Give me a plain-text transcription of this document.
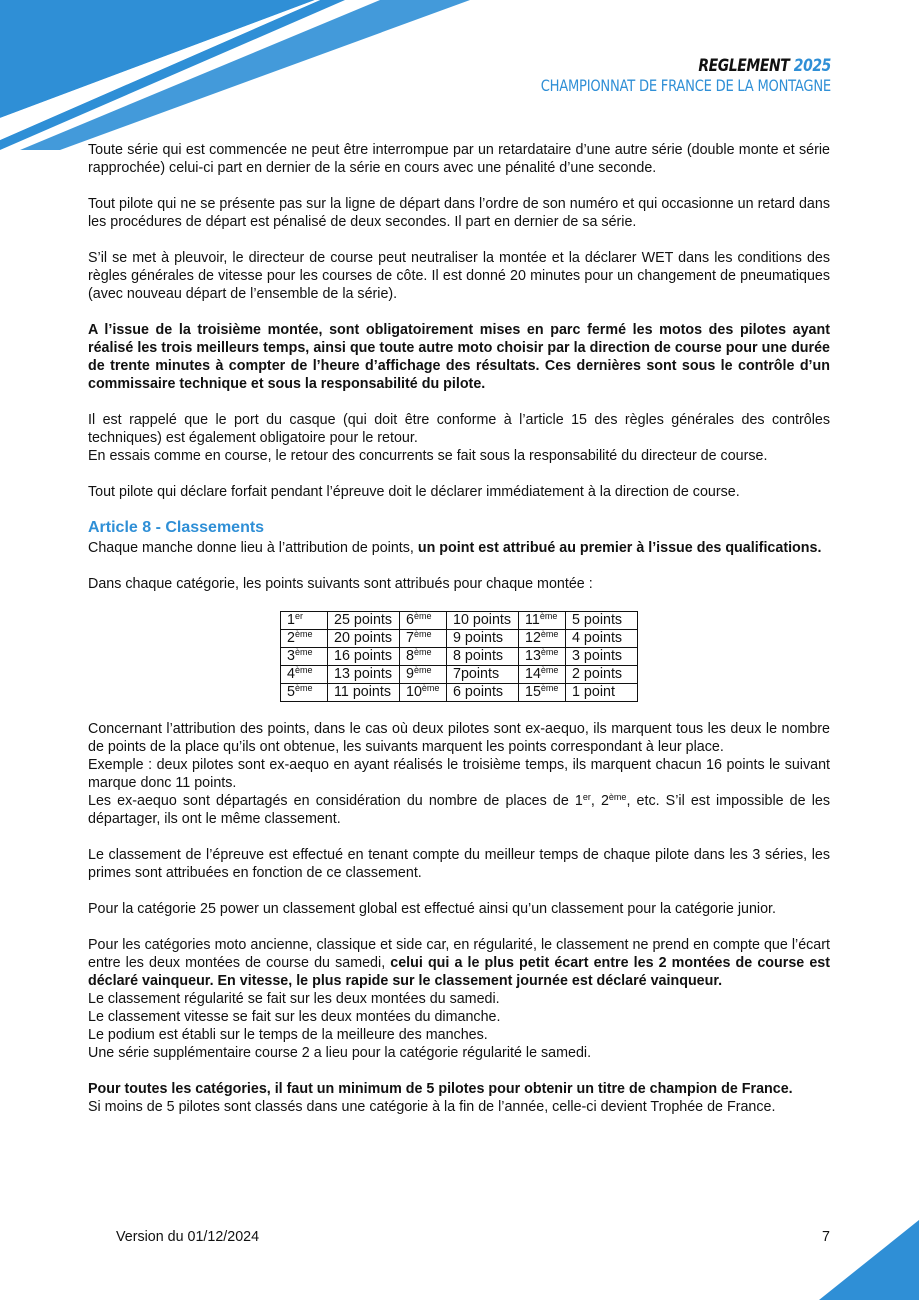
REGLEMENT 2025
CHAMPIONNAT DE FRANCE DE LA MONTAGNE

Toute série qui est commencée ne peut être interrompue par un retardataire d’une autre série (double monte et série rapprochée) celui-ci part en dernier de la série en cours avec une pénalité d’une seconde.

Tout pilote qui ne se présente pas sur la ligne de départ dans l’ordre de son numéro et qui occasionne un retard dans les procédures de départ est pénalisé de deux secondes. Il part en dernier de sa série.

S’il se met à pleuvoir, le directeur de course peut neutraliser la montée et la déclarer WET dans les conditions des règles générales de vitesse pour les courses de côte. Il est donné 20 minutes pour un changement de pneumatiques (avec nouveau départ de l’ensemble de la série).

A l’issue de la troisième montée, sont obligatoirement mises en parc fermé les motos des pilotes ayant réalisé les trois meilleurs temps, ainsi que toute autre moto choisir par la direction de course pour une durée de trente minutes à compter de l’heure d’affichage des résultats. Ces dernières sont sous le contrôle d’un commissaire technique et sous la responsabilité du pilote.

Il est rappelé que le port du casque (qui doit être conforme à l’article 15 des règles générales des contrôles techniques) est également obligatoire pour le retour.

En essais comme en course, le retour des concurrents se fait sous la responsabilité du directeur de course.

Tout pilote qui déclare forfait pendant l’épreuve doit le déclarer immédiatement à la direction de course.

Article 8 - Classements

Chaque manche donne lieu à l’attribution de points, un point est attribué au premier à l’issue des qualifications.

Dans chaque catégorie, les points suivants sont attribués pour chaque montée :

1er	25 points	6ème	10 points	11ème	5 points
2ème	20 points	7ème	9 points	12ème	4 points
3ème	16 points	8ème	8 points	13ème	3 points
4ème	13 points	9ème	7points	14ème	2 points
5ème	11 points	10ème	6 points	15ème	1 point

Concernant l’attribution des points, dans le cas où deux pilotes sont ex-aequo, ils marquent tous les deux le nombre de points de la place qu’ils ont obtenue, les suivants marquent les points correspondant à leur place.

Exemple : deux pilotes sont ex-aequo en ayant réalisés le troisième temps, ils marquent chacun 16 points le suivant marque donc 11 points.

Les ex-aequo sont départagés en considération du nombre de places de 1er, 2ème, etc. S’il est impossible de les départager, ils ont le même classement.

Le classement de l’épreuve est effectué en tenant compte du meilleur temps de chaque pilote dans les 3 séries, les primes sont attribuées en fonction de ce classement.

Pour la catégorie 25 power un classement global est effectué ainsi qu’un classement pour la catégorie junior.

Pour les catégories moto ancienne, classique et side car, en régularité, le classement ne prend en compte que l’écart entre les deux montées de course du samedi, celui qui a le plus petit écart entre les 2 montées de course est déclaré vainqueur. En vitesse, le plus rapide sur le classement journée est déclaré vainqueur.

Le classement régularité se fait sur les deux montées du samedi.

Le classement vitesse se fait sur les deux montées du dimanche.

Le podium est établi sur le temps de la meilleure des manches.

Une série supplémentaire course 2 a lieu pour la catégorie régularité le samedi.

Pour toutes les catégories, il faut un minimum de 5 pilotes pour obtenir un titre de champion de France.

Si moins de 5 pilotes sont classés dans une catégorie à la fin de l’année, celle-ci devient Trophée de France.

Version du 01/12/2024	7
